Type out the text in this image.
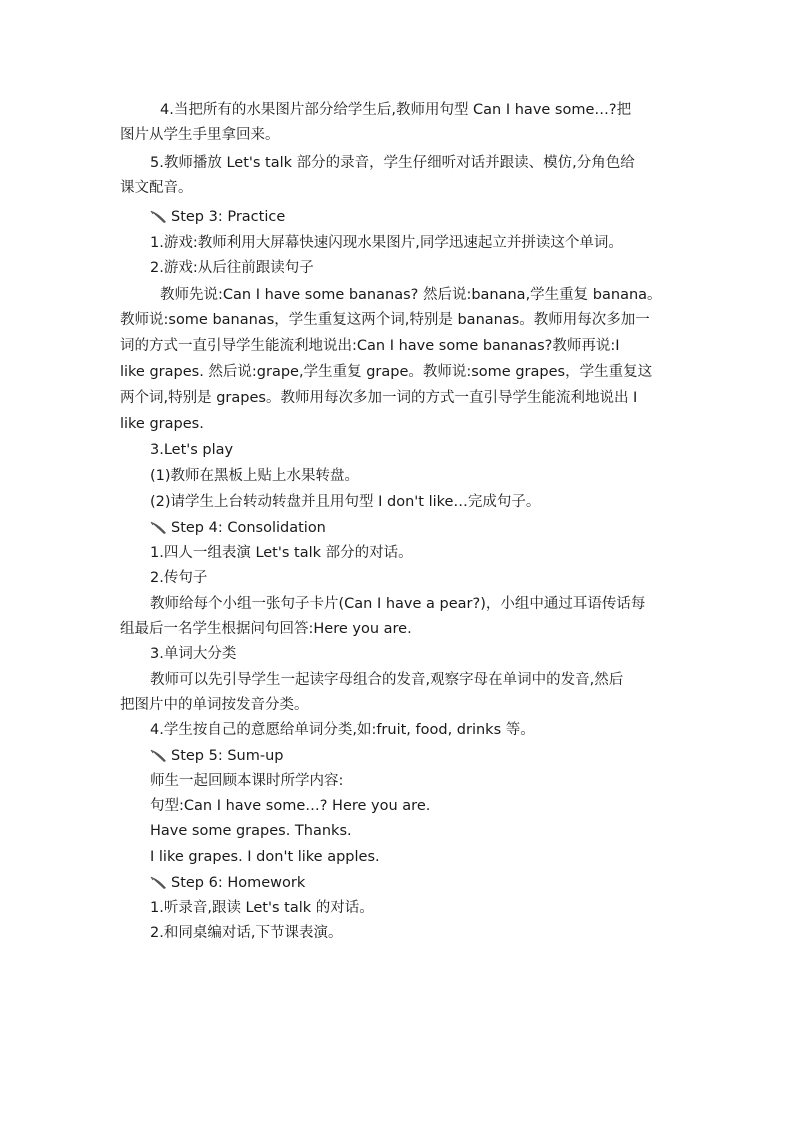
4.当把所有的水果图片部分给学生后,教师用句型 Can I have some…?把
图片从学生手里拿回来。
5.教师播放 Let's talk 部分的录音，学生仔细听对话并跟读、模仿,分角色给
课文配音。
Step 3: Practice
1.游戏:教师利用大屏幕快速闪现水果图片,同学迅速起立并拼读这个单词。
2.游戏:从后往前跟读句子
教师先说:Can I have some bananas? 然后说:banana,学生重复 banana。
教师说:some bananas，学生重复这两个词,特别是 bananas。教师用每次多加一
词的方式一直引导学生能流利地说出:Can I have some bananas?教师再说:I
like grapes. 然后说:grape,学生重复 grape。教师说:some grapes，学生重复这
两个词,特别是 grapes。教师用每次多加一词的方式一直引导学生能流利地说出 I
like grapes.
3.Let's play
(1)教师在黑板上贴上水果转盘。
(2)请学生上台转动转盘并且用句型 I don't like…完成句子。
Step 4: Consolidation
1.四人一组表演 Let's talk 部分的对话。
2.传句子
教师给每个小组一张句子卡片(Can I have a pear?)，小组中通过耳语传话每
组最后一名学生根据问句回答:Here you are.
3.单词大分类
教师可以先引导学生一起读字母组合的发音,观察字母在单词中的发音,然后
把图片中的单词按发音分类。
4.学生按自己的意愿给单词分类,如:fruit, food, drinks 等。
Step 5: Sum-up
师生一起回顾本课时所学内容:
句型:Can I have some…? Here you are.
Have some grapes. Thanks.
I like grapes. I don't like apples.
Step 6: Homework
1.听录音,跟读 Let's talk 的对话。
2.和同桌编对话,下节课表演。
